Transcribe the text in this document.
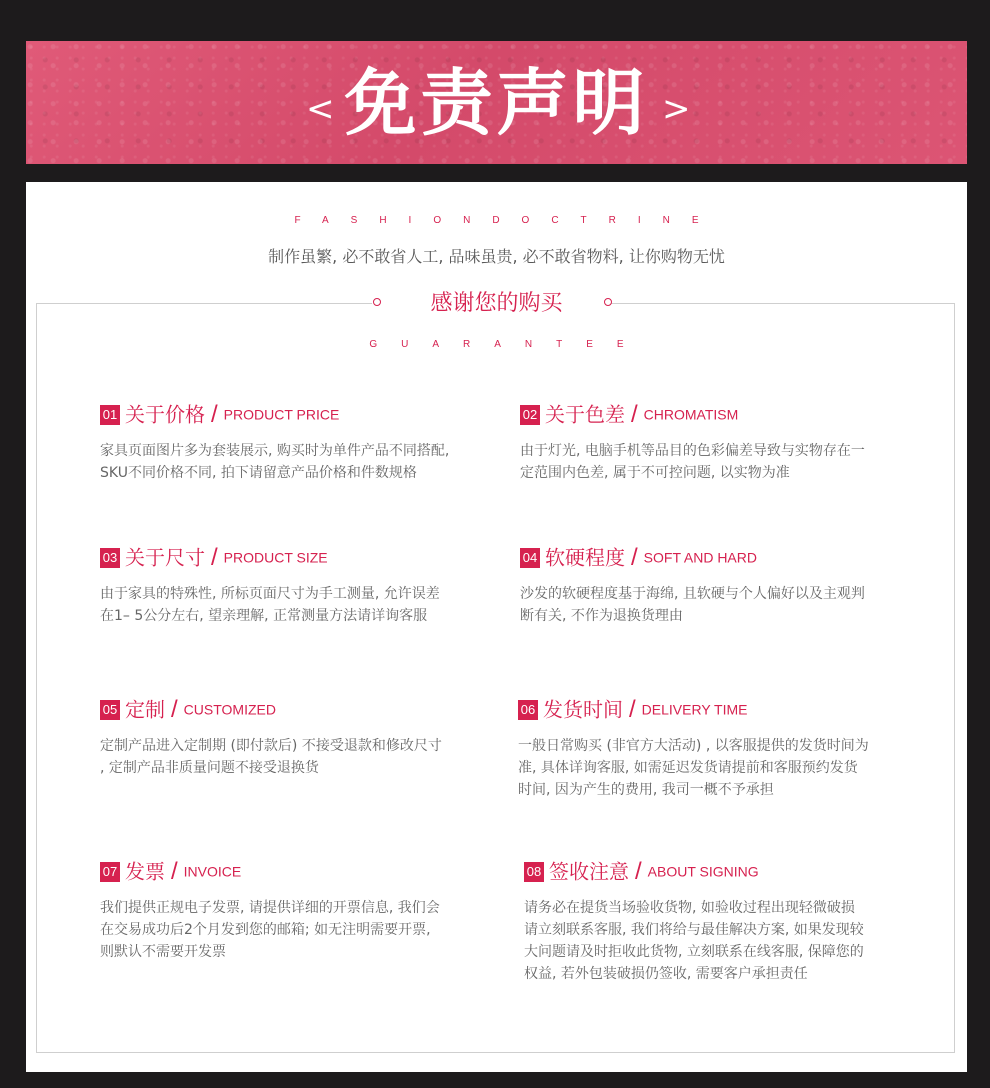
< 免责声明 >
FASHIONDOCTRINE
制作虽繁, 必不敢省人工, 品味虽贵, 必不敢省物料, 让你购物无忧
感谢您的购买
GUARANTEE
01 关于价格 / PRODUCT PRICE
家具页面图片多为套装展示, 购买时为单件产品不同搭配,
SKU不同价格不同, 拍下请留意产品价格和件数规格
02 关于色差 / CHROMATISM
由于灯光, 电脑手机等品目的色彩偏差导致与实物存在一
定范围内色差, 属于不可控问题, 以实物为准
03 关于尺寸 / PRODUCT SIZE
由于家具的特殊性, 所标页面尺寸为手工测量, 允许误差
在1– 5公分左右, 望亲理解, 正常测量方法请详询客服
04 软硬程度 / SOFT AND HARD
沙发的软硬程度基于海绵, 且软硬与个人偏好以及主观判
断有关, 不作为退换货理由
05 定制 / CUSTOMIZED
定制产品进入定制期 (即付款后) 不接受退款和修改尺寸
, 定制产品非质量问题不接受退换货
06 发货时间 / DELIVERY TIME
一般日常购买 (非官方大活动) , 以客服提供的发货时间为
准, 具体详询客服, 如需延迟发货请提前和客服预约发货
时间, 因为产生的费用, 我司一概不予承担
07 发票 / INVOICE
我们提供正规电子发票, 请提供详细的开票信息, 我们会
在交易成功后2个月发到您的邮箱; 如无注明需要开票,
则默认不需要开发票
08 签收注意 / ABOUT SIGNING
请务必在提货当场验收货物, 如验收过程出现轻微破损
请立刻联系客服, 我们将给与最佳解决方案, 如果发现较
大问题请及时拒收此货物, 立刻联系在线客服, 保障您的
权益, 若外包装破损仍签收, 需要客户承担责任
